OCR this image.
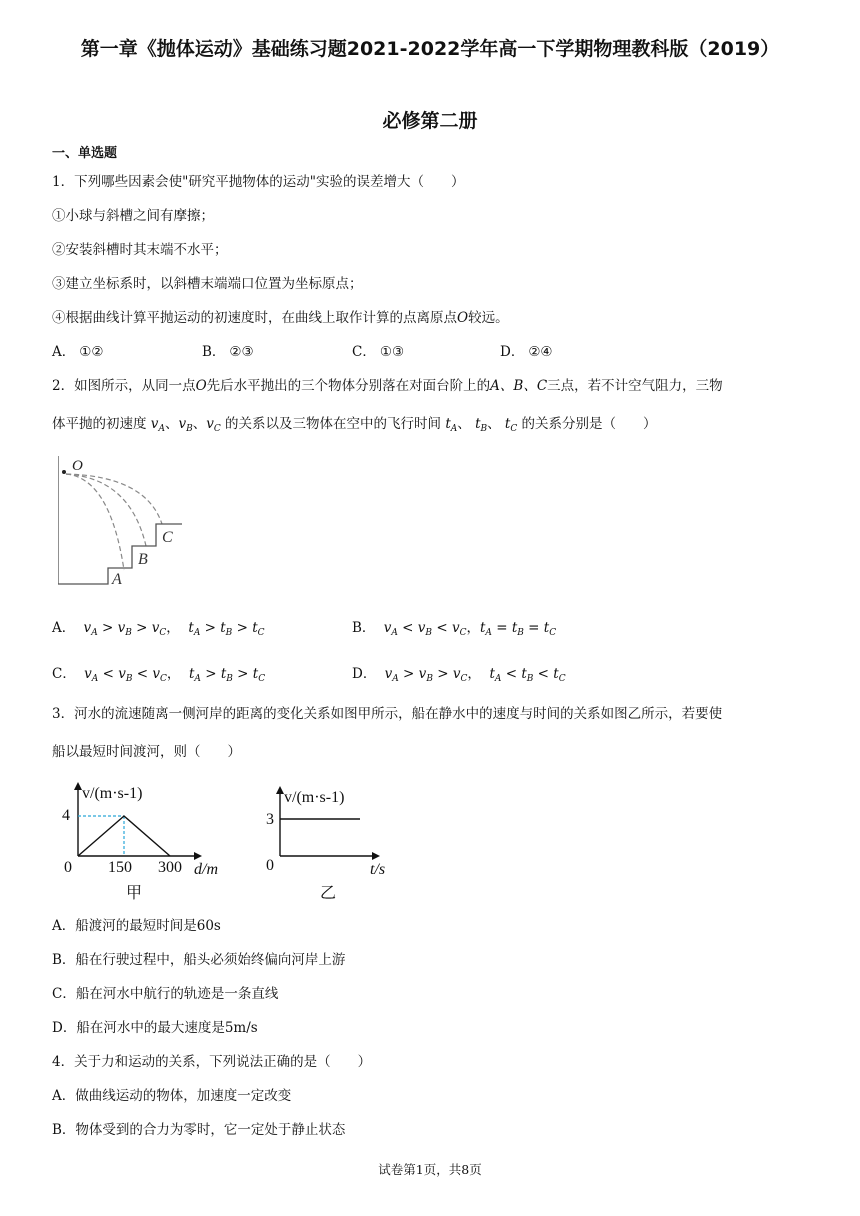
第一章《抛体运动》基础练习题2021-2022学年高一下学期物理教科版（2019）
必修第二册
一、单选题
1．下列哪些因素会使"研究平抛物体的运动"实验的误差增大（　　）
①小球与斜槽之间有摩擦；
②安装斜槽时其末端不水平；
③建立坐标系时，以斜槽末端端口位置为坐标原点；
④根据曲线计算平抛运动的初速度时，在曲线上取作计算的点离原点O较远。
A． ①②	B． ②③	C． ①③	D． ②④
2．如图所示，从同一点O先后水平抛出的三个物体分别落在对面台阶上的A、B、C三点，若不计空气阻力，三物
体平抛的初速度 $v_A$、$v_B$、$v_C$ 的关系以及三物体在空中的飞行时间 $t_A$、 $t_B$、 $t_C$ 的关系分别是（　　）
O
A
B
C
A． $v_A > v_B > v_C$，  $t_A > t_B > t_C$	B． $v_A < v_B < v_C$，$t_A = t_B = t_C$
C． $v_A < v_B < v_C$，  $t_A > t_B > t_C$	D． $v_A > v_B > v_C$，  $t_A < t_B < t_C$
3．河水的流速随离一侧河岸的距离的变化关系如图甲所示，船在静水中的速度与时间的关系如图乙所示，若要使
船以最短时间渡河，则（　　）
v/(m·s-1)
4
0 150 300 d/m
甲
v/(m·s-1)
3
0	t/s
乙
A．船渡河的最短时间是60s
B．船在行驶过程中，船头必须始终偏向河岸上游
C．船在河水中航行的轨迹是一条直线
D．船在河水中的最大速度是5m/s
4．关于力和运动的关系，下列说法正确的是（　　）
A．做曲线运动的物体，加速度一定改变
B．物体受到的合力为零时，它一定处于静止状态
试卷第1页，共8页
